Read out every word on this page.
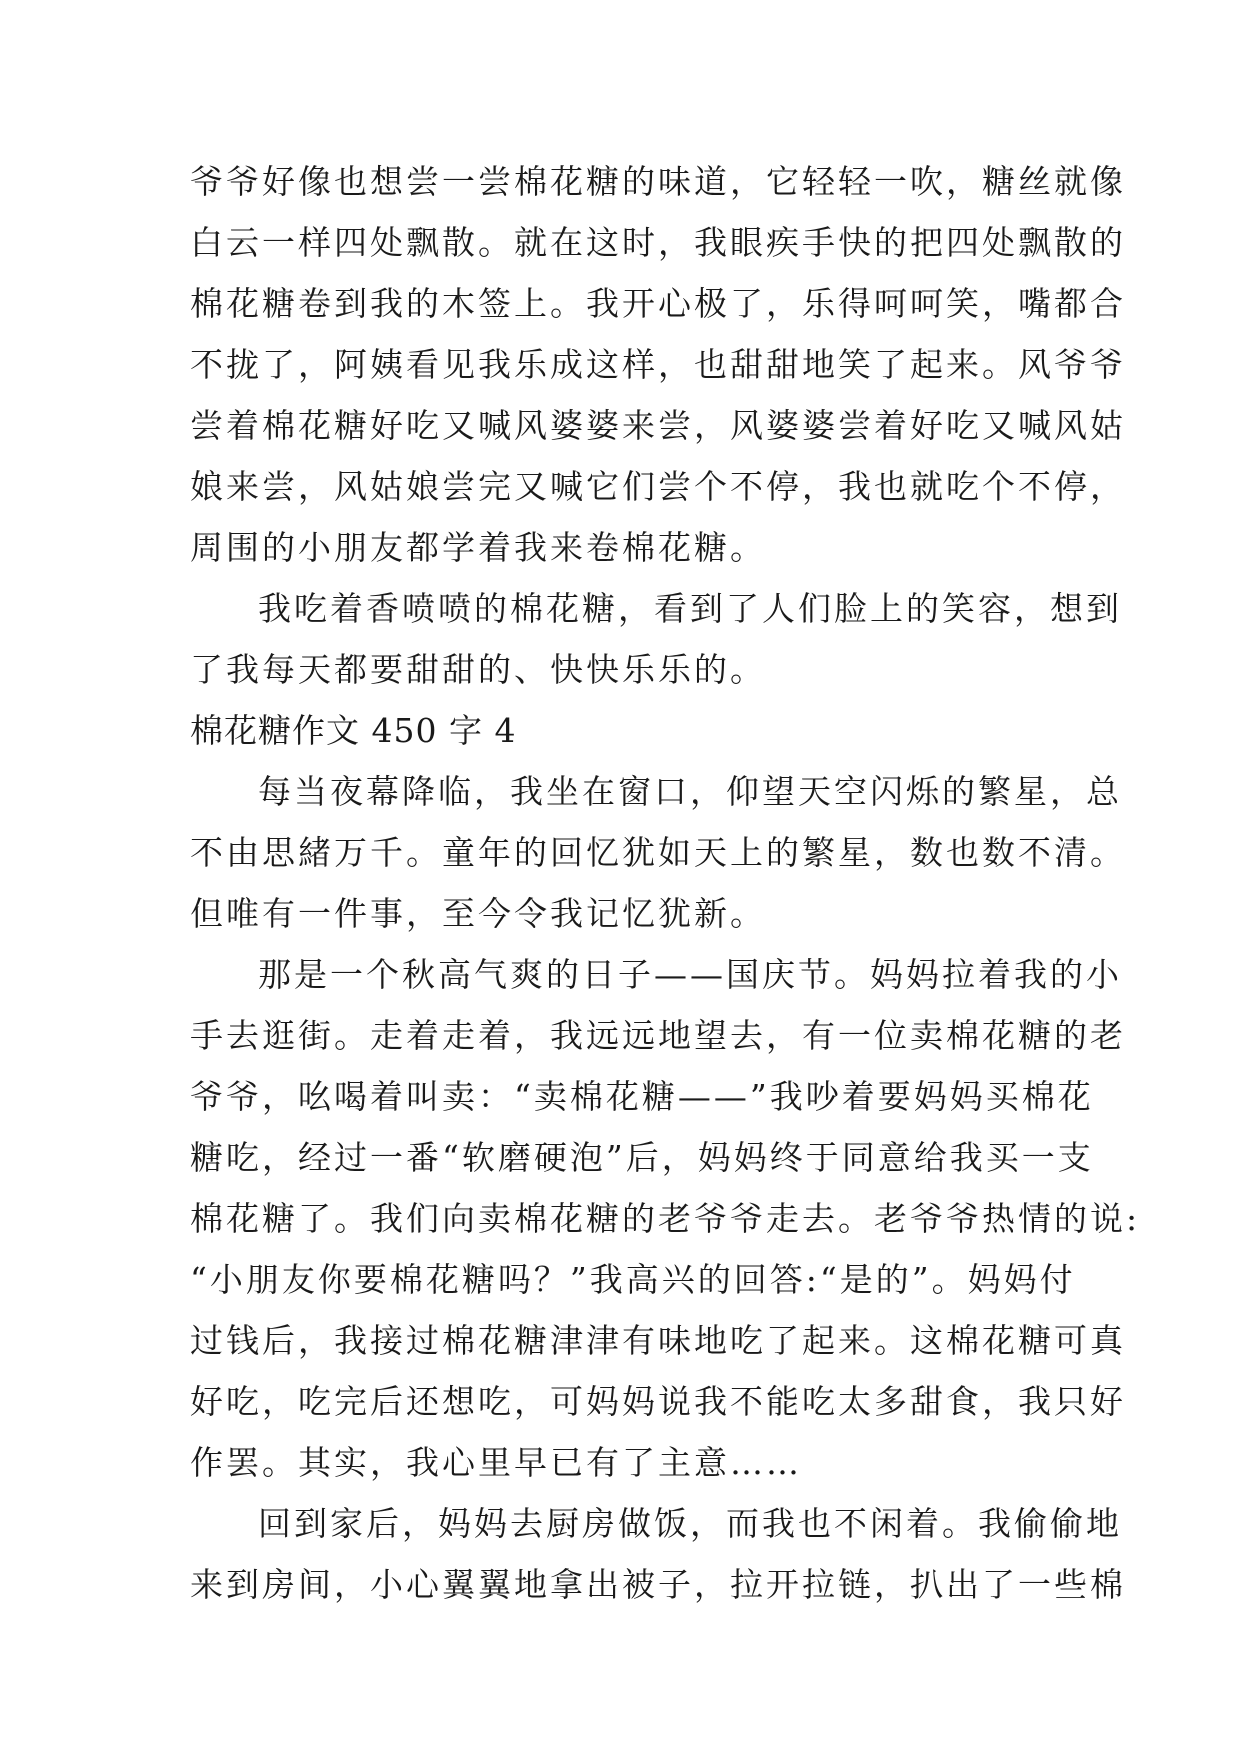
爷爷好像也想尝一尝棉花糖的味道，它轻轻一吹，糖丝就像
白云一样四处飘散。就在这时，我眼疾手快的把四处飘散的
棉花糖卷到我的木签上。我开心极了，乐得呵呵笑，嘴都合
不拢了，阿姨看见我乐成这样，也甜甜地笑了起来。风爷爷
尝着棉花糖好吃又喊风婆婆来尝，风婆婆尝着好吃又喊风姑
娘来尝，风姑娘尝完又喊它们尝个不停，我也就吃个不停，
周围的小朋友都学着我来卷棉花糖。
我吃着香喷喷的棉花糖，看到了人们脸上的笑容，想到
了我每天都要甜甜的、快快乐乐的。
棉花糖作文 450 字 4
每当夜幕降临，我坐在窗口，仰望天空闪烁的繁星，总
不由思緒万千。童年的回忆犹如天上的繁星，数也数不清。
但唯有一件事，至今令我记忆犹新。
那是一个秋高气爽的日子——国庆节。妈妈拉着我的小
手去逛街。走着走着，我远远地望去，有一位卖棉花糖的老
爷爷，吆喝着叫卖：“卖棉花糖——”我吵着要妈妈买棉花
糖吃，经过一番“软磨硬泡”后，妈妈终于同意给我买一支
棉花糖了。我们向卖棉花糖的老爷爷走去。老爷爷热情的说:
“小朋友你要棉花糖吗？”我高兴的回答:“是的”。妈妈付
过钱后，我接过棉花糖津津有味地吃了起来。这棉花糖可真
好吃，吃完后还想吃，可妈妈说我不能吃太多甜食，我只好
作罢。其实，我心里早已有了主意……
回到家后，妈妈去厨房做饭，而我也不闲着。我偷偷地
来到房间，小心翼翼地拿出被子，拉开拉链，扒出了一些棉
